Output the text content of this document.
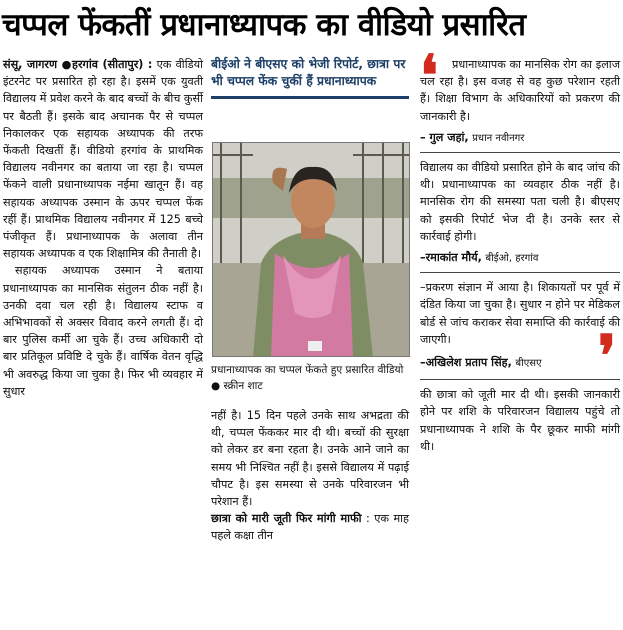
चप्पल फेंकतीं प्रधानाध्यापक का वीडियो प्रसारित

संसू, जागरण ●हरगांव (सीतापुर) : एक वीडियो इंटरनेट पर प्रसारित हो रहा है। इसमें एक युवती विद्यालय में प्रवेश करने के बाद बच्चों के बीच कुर्सी पर बैठती हैं। इसके बाद अचानक पैर से चप्पल निकालकर एक सहायक अध्यापक की तरफ फेंकती दिखतीं हैं। वीडियो हरगांव के प्राथमिक विद्यालय नवीनगर का बताया जा रहा है। चप्पल फेंकने वाली प्रधानाध्यापक नईमा खातून हैं। वह सहायक अध्यापक उस्मान के ऊपर चप्पल फेंक रहीं हैं। प्राथमिक विद्यालय नवीनगर में 125 बच्चे पंजीकृत हैं। प्रधानाध्यापक के अलावा तीन सहायक अध्यापक व एक शिक्षामित्र की तैनाती है।

सहायक अध्यापक उस्मान ने बताया प्रधानाध्यापक का मानसिक संतुलन ठीक नहीं है। उनकी दवा चल रही है। विद्यालय स्टाफ व अभिभावकों से अक्सर विवाद करने लगती हैं। दो बार पुलिस कर्मी आ चुके हैं। उच्च अधिकारी दो बार प्रतिकूल प्रविष्टि दे चुके हैं। वार्षिक वेतन वृद्धि भी अवरुद्ध किया जा चुका है। फिर भी व्यवहार में सुधार

बीईओ ने बीएसए को भेजी रिपोर्ट, छात्रा पर भी चप्पल फेंक चुकीं हैं प्रधानाध्यापक
प्रधानाध्यापक का चप्पल फेंकते हुए प्रसारित वीडियो ● स्क्रीन शाट

नहीं है। 15 दिन पहले उनके साथ अभद्रता की थी, चप्पल फेंककर मार दी थी। बच्चों की सुरक्षा को लेकर डर बना रहता है। उनके आने जाने का समय भी निश्चित नहीं है। इससे विद्यालय में पढ़ाई चौपट है। इस समस्या से उनके परिवारजन भी परेशान हैं।

छात्रा को मारी जूती फिर मांगी माफी : एक माह पहले कक्षा तीन

❛	प्रधानाध्यापक का मानसिक रोग का इलाज चल रहा है। इस वजह से वह कुछ परेशान रहती हैं। शिक्षा विभाग के अधिकारियों को प्रकरण की जानकारी है।
– गुल जहां, प्रधान नवीनगर
विद्यालय का वीडियो प्रसारित होने के बाद जांच की थी। प्रधानाध्यापक का व्यवहार ठीक नहीं है। मानसिक रोग की समस्या पता चली है। बीएसए को इसकी रिपोर्ट भेज दी है। उनके स्तर से कार्रवाई होगी।
–रमाकांत मौर्य, बीईओ, हरगांव
–प्रकरण संज्ञान में आया है। शिकायतों पर पूर्व में दंडित किया जा चुका है। सुधार न होने पर मेडिकल बोर्ड से जांच कराकर सेवा समाप्ति की कार्रवाई की जाएगी।
–अखिलेश प्रताप सिंह, बीएसए	❜

की छात्रा को जूती मार दी थी। इसकी जानकारी होने पर शशि के परिवारजन विद्यालय पहुंचे तो प्रधानाध्यापक ने शशि के पैर छूकर माफी मांगी थी।
